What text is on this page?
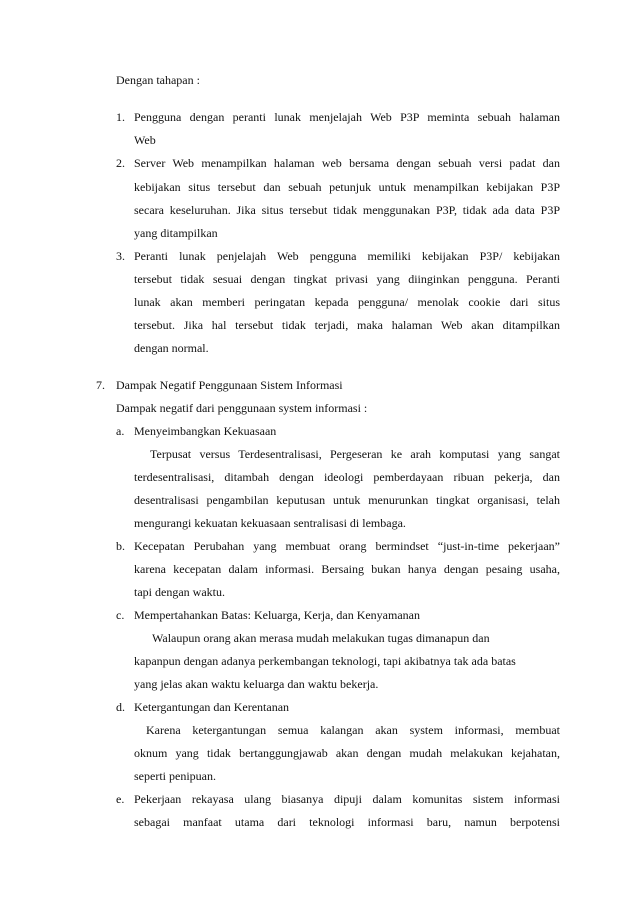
Dengan tahapan :
1. Pengguna dengan peranti lunak menjelajah Web P3P meminta sebuah halaman
Web
2. Server Web menampilkan halaman web bersama dengan sebuah versi padat dan
kebijakan situs tersebut dan sebuah petunjuk untuk menampilkan kebijakan P3P
secara keseluruhan. Jika situs tersebut tidak menggunakan P3P, tidak ada data P3P
yang ditampilkan
3. Peranti lunak penjelajah Web pengguna memiliki kebijakan P3P/ kebijakan
tersebut tidak sesuai dengan tingkat privasi yang diinginkan pengguna. Peranti
lunak akan memberi peringatan kepada pengguna/ menolak cookie dari situs
tersebut. Jika hal tersebut tidak terjadi, maka halaman Web akan ditampilkan
dengan normal.
7. Dampak Negatif Penggunaan Sistem Informasi
Dampak negatif dari penggunaan system informasi :
a. Menyeimbangkan Kekuasaan
Terpusat versus Terdesentralisasi, Pergeseran ke arah komputasi yang sangat
terdesentralisasi, ditambah dengan ideologi pemberdayaan ribuan pekerja, dan
desentralisasi pengambilan keputusan untuk menurunkan tingkat organisasi, telah
mengurangi kekuatan kekuasaan sentralisasi di lembaga.
b. Kecepatan Perubahan yang membuat orang bermindset “just-in-time pekerjaan”
karena kecepatan dalam informasi. Bersaing bukan hanya dengan pesaing usaha,
tapi dengan waktu.
c. Mempertahankan Batas: Keluarga, Kerja, dan Kenyamanan
Walaupun orang akan merasa mudah melakukan tugas dimanapun dan
kapanpun dengan adanya perkembangan teknologi, tapi akibatnya tak ada batas
yang jelas akan waktu keluarga dan waktu bekerja.
d. Ketergantungan dan Kerentanan
Karena ketergantungan semua kalangan akan system informasi, membuat
oknum yang tidak bertanggungjawab akan dengan mudah melakukan kejahatan,
seperti penipuan.
e. Pekerjaan rekayasa ulang biasanya dipuji dalam komunitas sistem informasi
sebagai manfaat utama dari teknologi informasi baru, namun berpotensi
